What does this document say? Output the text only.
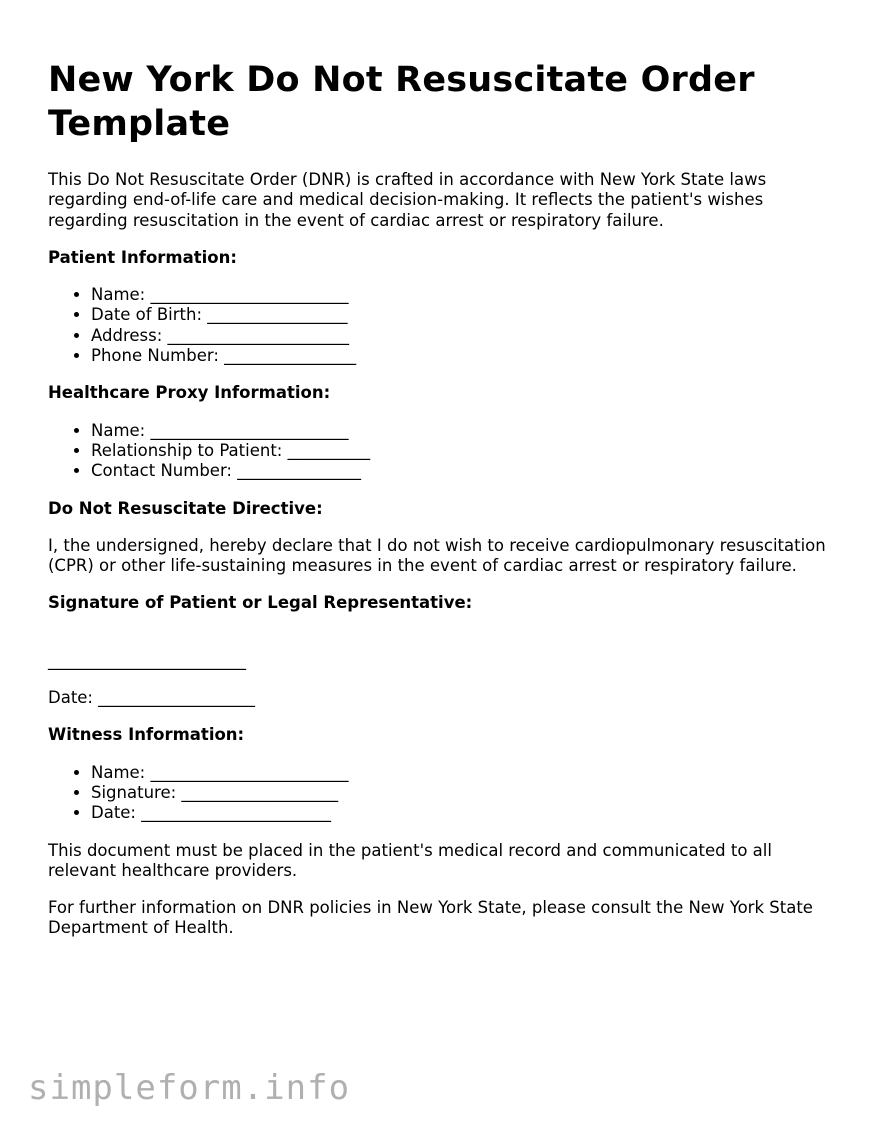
New York Do Not Resuscitate Order Template

This Do Not Resuscitate Order (DNR) is crafted in accordance with New York State laws regarding end-of-life care and medical decision-making. It reflects the patient's wishes regarding resuscitation in the event of cardiac arrest or respiratory failure.

Patient Information:
• Name: ________________________
• Date of Birth: _________________
• Address: ______________________
• Phone Number: ________________
Healthcare Proxy Information:
• Name: ________________________
• Relationship to Patient: __________
• Contact Number: _______________
Do Not Resuscitate Directive:

I, the undersigned, hereby declare that I do not wish to receive cardiopulmonary resuscitation (CPR) or other life-sustaining measures in the event of cardiac arrest or respiratory failure.

Signature of Patient or Legal Representative:
________________________
Date: ___________________
Witness Information:
• Name: ________________________
• Signature: ___________________
• Date: _______________________

This document must be placed in the patient's medical record and communicated to all relevant healthcare providers.

For further information on DNR policies in New York State, please consult the New York State Department of Health.

simpleform.info
